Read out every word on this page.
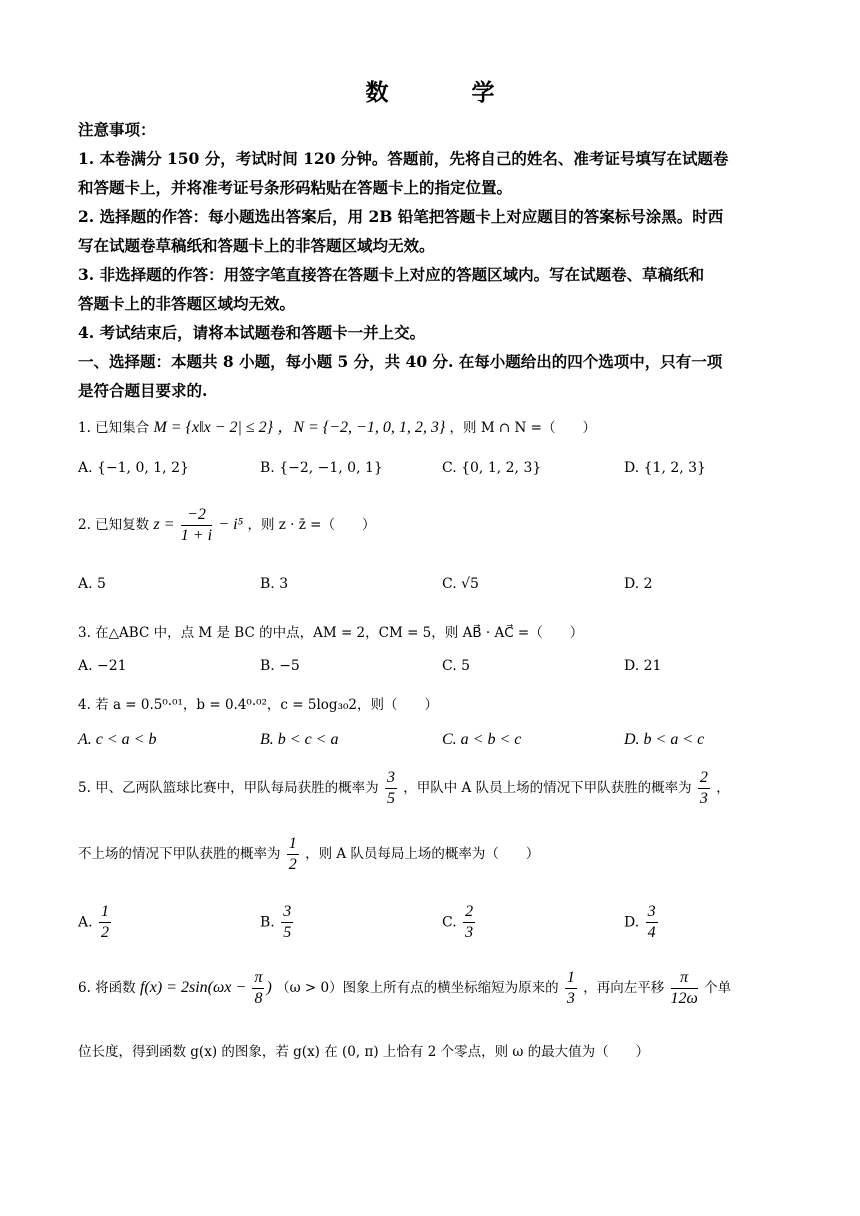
数　学
注意事项：
1. 本卷满分 150 分，考试时间 120 分钟。答题前，先将自己的姓名、准考证号填写在试题卷
和答题卡上，并将准考证号条形码粘贴在答题卡上的指定位置。
2. 选择题的作答：每小题选出答案后，用 2B 铅笔把答题卡上对应题目的答案标号涂黑。时西
写在试题卷草稿纸和答题卡上的非答题区域均无效。
3. 非选择题的作答：用签字笔直接答在答题卡上对应的答题区域内。写在试题卷、草稿纸和
答题卡上的非答题区域均无效。
4. 考试结束后，请将本试题卷和答题卡一并上交。
一、选择题：本题共 8 小题，每小题 5 分，共 40 分. 在每小题给出的四个选项中，只有一项
是符合题目要求的.
1. 已知集合 M = {x‖x − 2| ≤ 2} ，N = {−2, −1, 0, 1, 2, 3} ，则 M ∩ N =（　　）
A. {−1, 0, 1, 2}	B. {−2, −1, 0, 1}	C. {0, 1, 2, 3}	D. {1, 2, 3}
2. 已知复数 $z = \frac{-2}{1 + i} - i^5$ ，则 z · z̄ =（　　）
A. 5	B. 3	C. √5	D. 2
3. 在△ABC 中，点 M 是 BC 的中点，AM = 2，CM = 5，则 AB⃗ · AC⃗ =（　　）
A. −21	B. −5	C. 5	D. 21
4. 若 a = 0.5⁰·⁰¹，b = 0.4⁰·⁰²，c = 5log₃₀2，则（　　）
A. c < a < b	B. b < c < a	C. a < b < c	D. b < a < c
5. 甲、乙两队篮球比赛中，甲队每局获胜的概率为 $\frac{3}{5}$ ，甲队中 A 队员上场的情况下甲队获胜的概率为 $\frac{2}{3}$ ，
不上场的情况下甲队获胜的概率为 $\frac{1}{2}$ ，则 A 队员每局上场的概率为（　　）
A. $\frac{1}{2}$	B. $\frac{3}{5}$	C. $\frac{2}{3}$	D. $\frac{3}{4}$
6. 将函数 $f(x) = 2\sin(\omega x - \frac{\pi}{8}$ ) （ω > 0）图象上所有点的横坐标缩短为原来的 $\frac{1}{3}$ ，再向左平移 $\frac{\pi}{12\omega}$ 个单
位长度，得到函数 g(x) 的图象，若 g(x) 在 (0, π) 上恰有 2 个零点，则 ω 的最大值为（　　）
